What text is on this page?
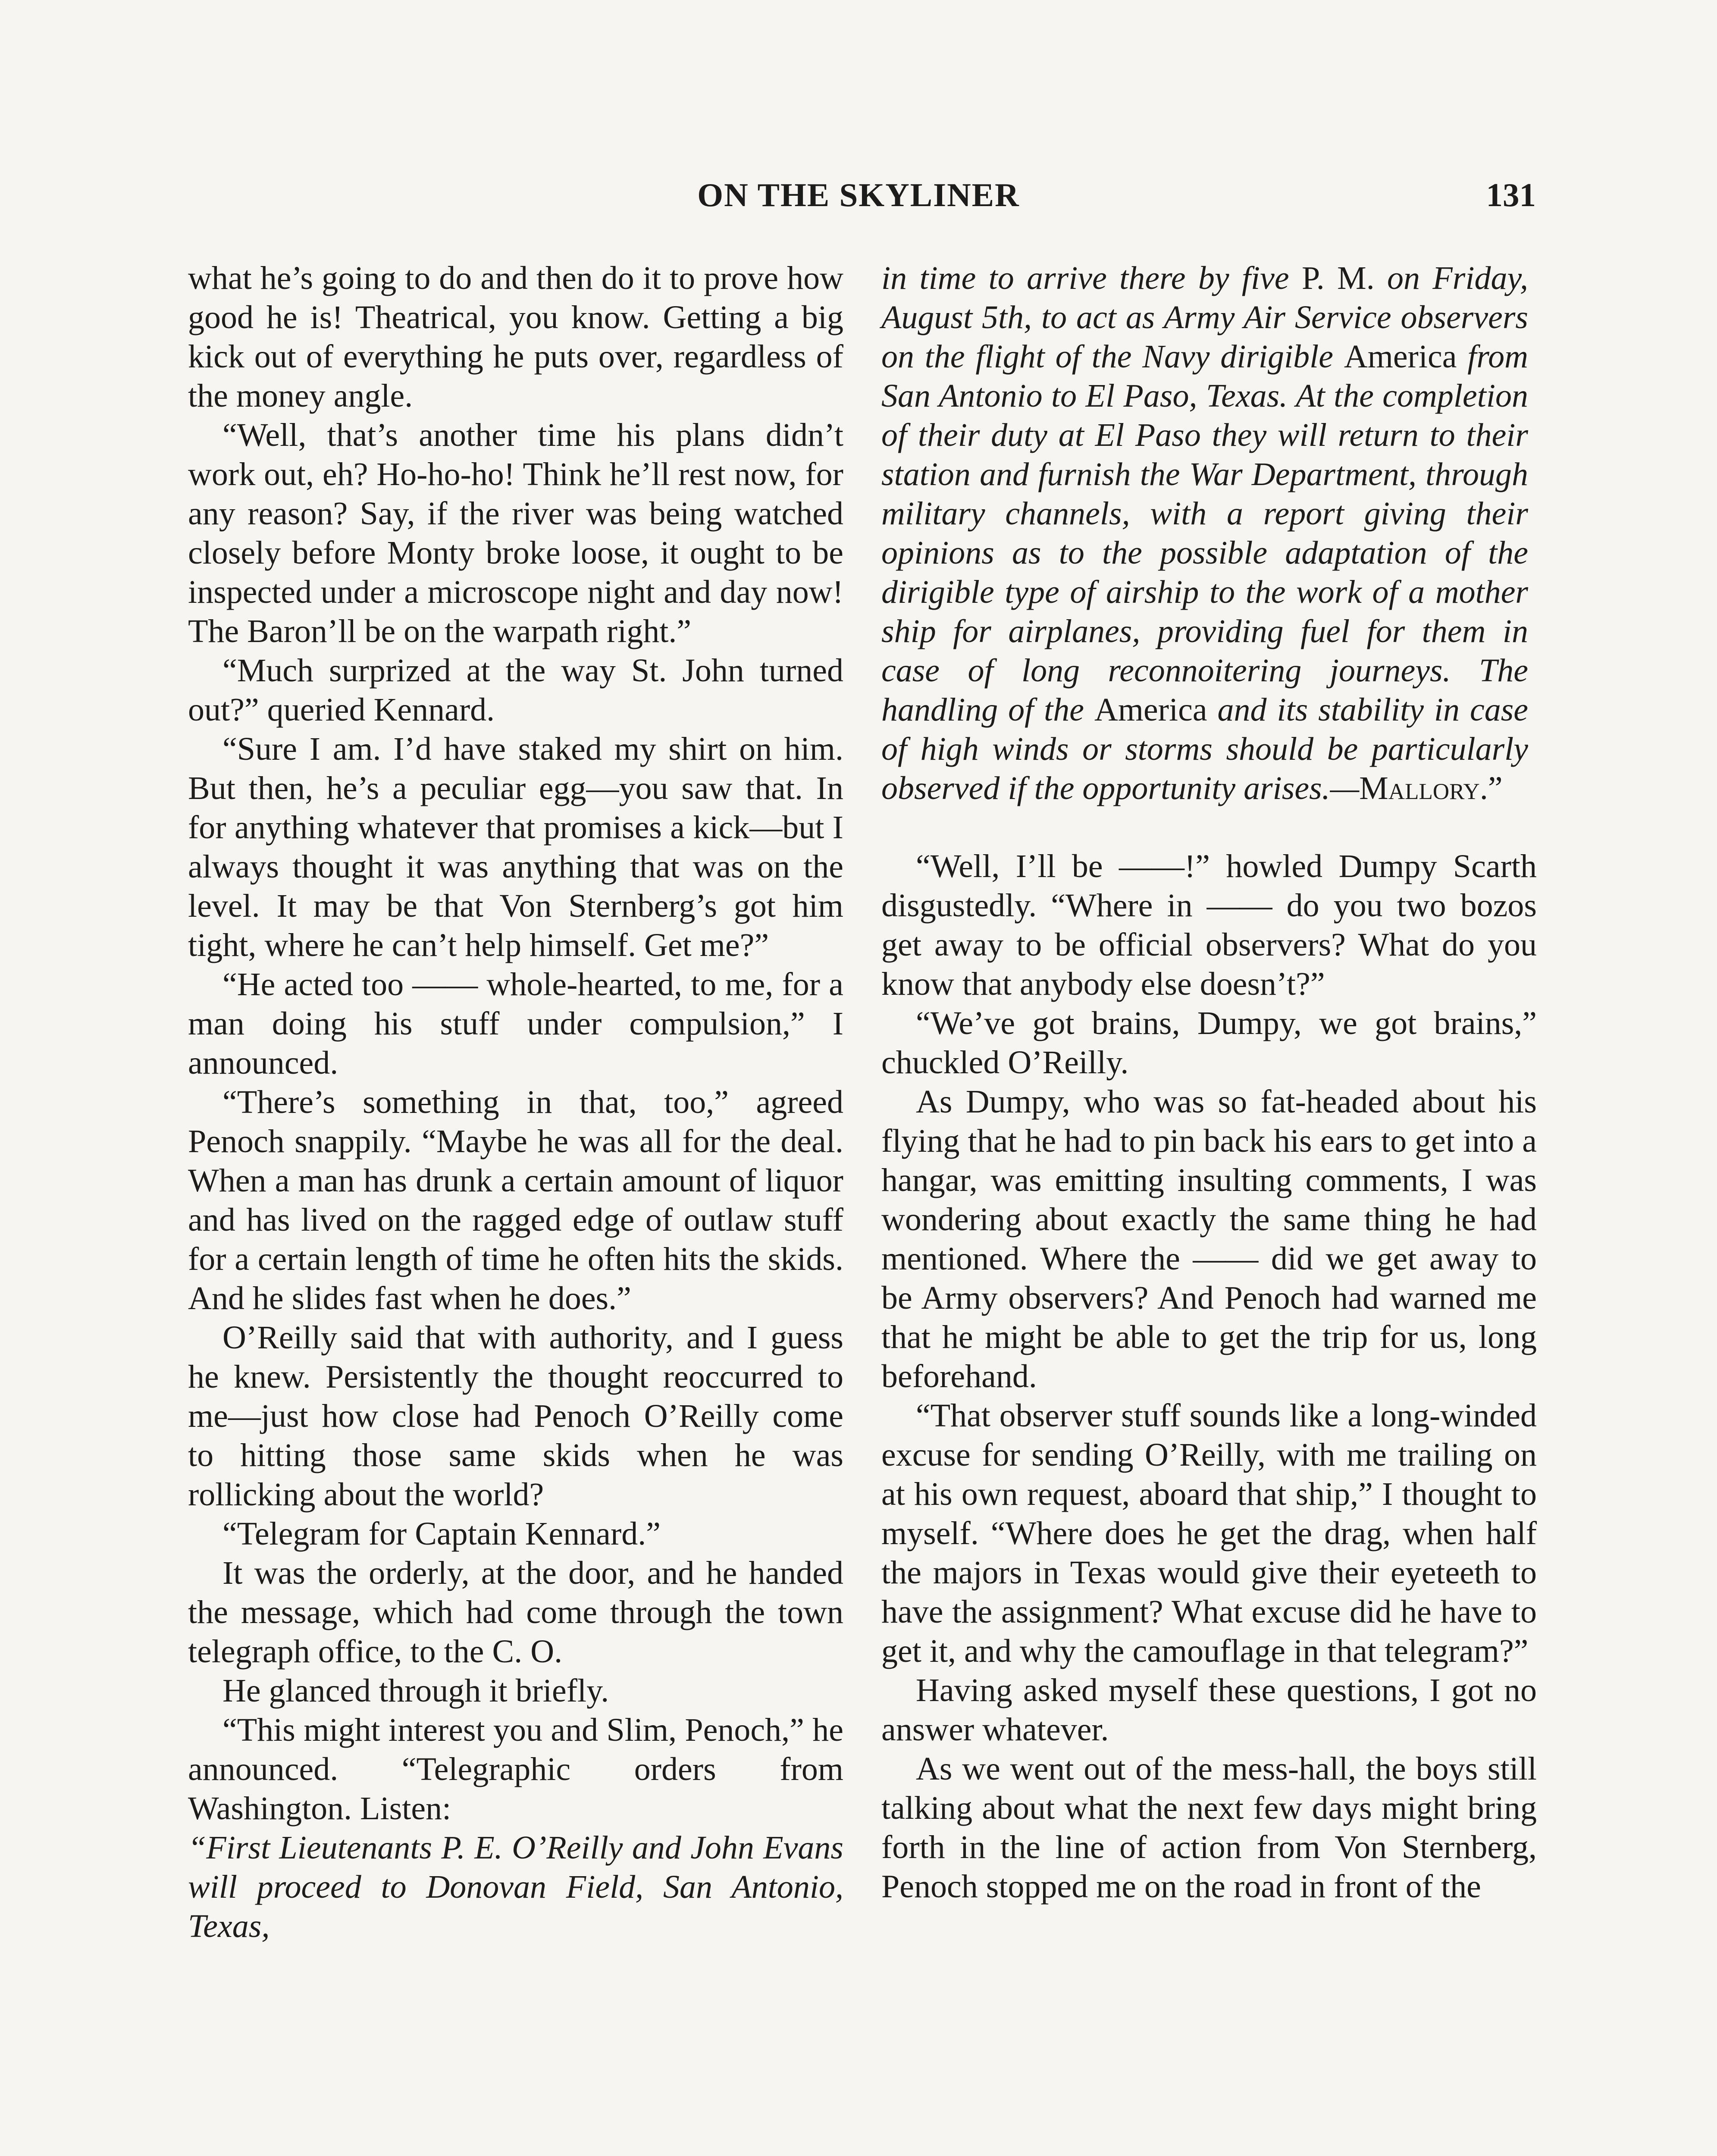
ON THE SKYLINER	131

what he’s going to do and then do it to prove how good he is! Theatrical, you know. Getting a big kick out of everything he puts over, regardless of the money angle.

“Well, that’s another time his plans didn’t work out, eh? Ho-ho-ho! Think he’ll rest now, for any reason? Say, if the river was being watched closely before Monty broke loose, it ought to be inspected under a microscope night and day now! The Baron’ll be on the warpath right.”

“Much surprized at the way St. John turned out?” queried Kennard.

“Sure I am. I’d have staked my shirt on him. But then, he’s a peculiar egg—you saw that. In for anything whatever that promises a kick—but I always thought it was anything that was on the level. It may be that Von Sternberg’s got him tight, where he can’t help himself. Get me?”

“He acted too —— whole-hearted, to me, for a man doing his stuff under compulsion,” I announced.

“There’s something in that, too,” agreed Penoch snappily. “Maybe he was all for the deal. When a man has drunk a certain amount of liquor and has lived on the ragged edge of outlaw stuff for a certain length of time he often hits the skids. And he slides fast when he does.”

O’Reilly said that with authority, and I guess he knew. Persistently the thought reoccurred to me—just how close had Penoch O’Reilly come to hitting those same skids when he was rollicking about the world?

“Telegram for Captain Kennard.”

It was the orderly, at the door, and he handed the message, which had come through the town telegraph office, to the C. O.

He glanced through it briefly.

“This might interest you and Slim, Penoch,” he announced. “Telegraphic orders from Washington. Listen:

“First Lieutenants P. E. O’Reilly and John Evans will proceed to Donovan Field, San Antonio, Texas,

in time to arrive there by five P. M. on Friday, August 5th, to act as Army Air Service observers on the flight of the Navy dirigible America from San Antonio to El Paso, Texas. At the completion of their duty at El Paso they will return to their station and furnish the War Department, through military channels, with a report giving their opinions as to the possible adaptation of the dirigible type of airship to the work of a mother ship for airplanes, providing fuel for them in case of long reconnoitering journeys. The handling of the America and its stability in case of high winds or storms should be particularly observed if the opportunity arises.—Mallory.”

“Well, I’ll be ——!” howled Dumpy Scarth disgustedly. “Where in —— do you two bozos get away to be official observers? What do you know that anybody else doesn’t?”

“We’ve got brains, Dumpy, we got brains,” chuckled O’Reilly.

As Dumpy, who was so fat-headed about his flying that he had to pin back his ears to get into a hangar, was emitting insulting comments, I was wondering about exactly the same thing he had mentioned. Where the —— did we get away to be Army observers? And Penoch had warned me that he might be able to get the trip for us, long beforehand.

“That observer stuff sounds like a long-winded excuse for sending O’Reilly, with me trailing on at his own request, aboard that ship,” I thought to myself. “Where does he get the drag, when half the majors in Texas would give their eyeteeth to have the assignment? What excuse did he have to get it, and why the camouflage in that telegram?”

Having asked myself these questions, I got no answer whatever.

As we went out of the mess-hall, the boys still talking about what the next few days might bring forth in the line of action from Von Sternberg, Penoch stopped me on the road in front of the
